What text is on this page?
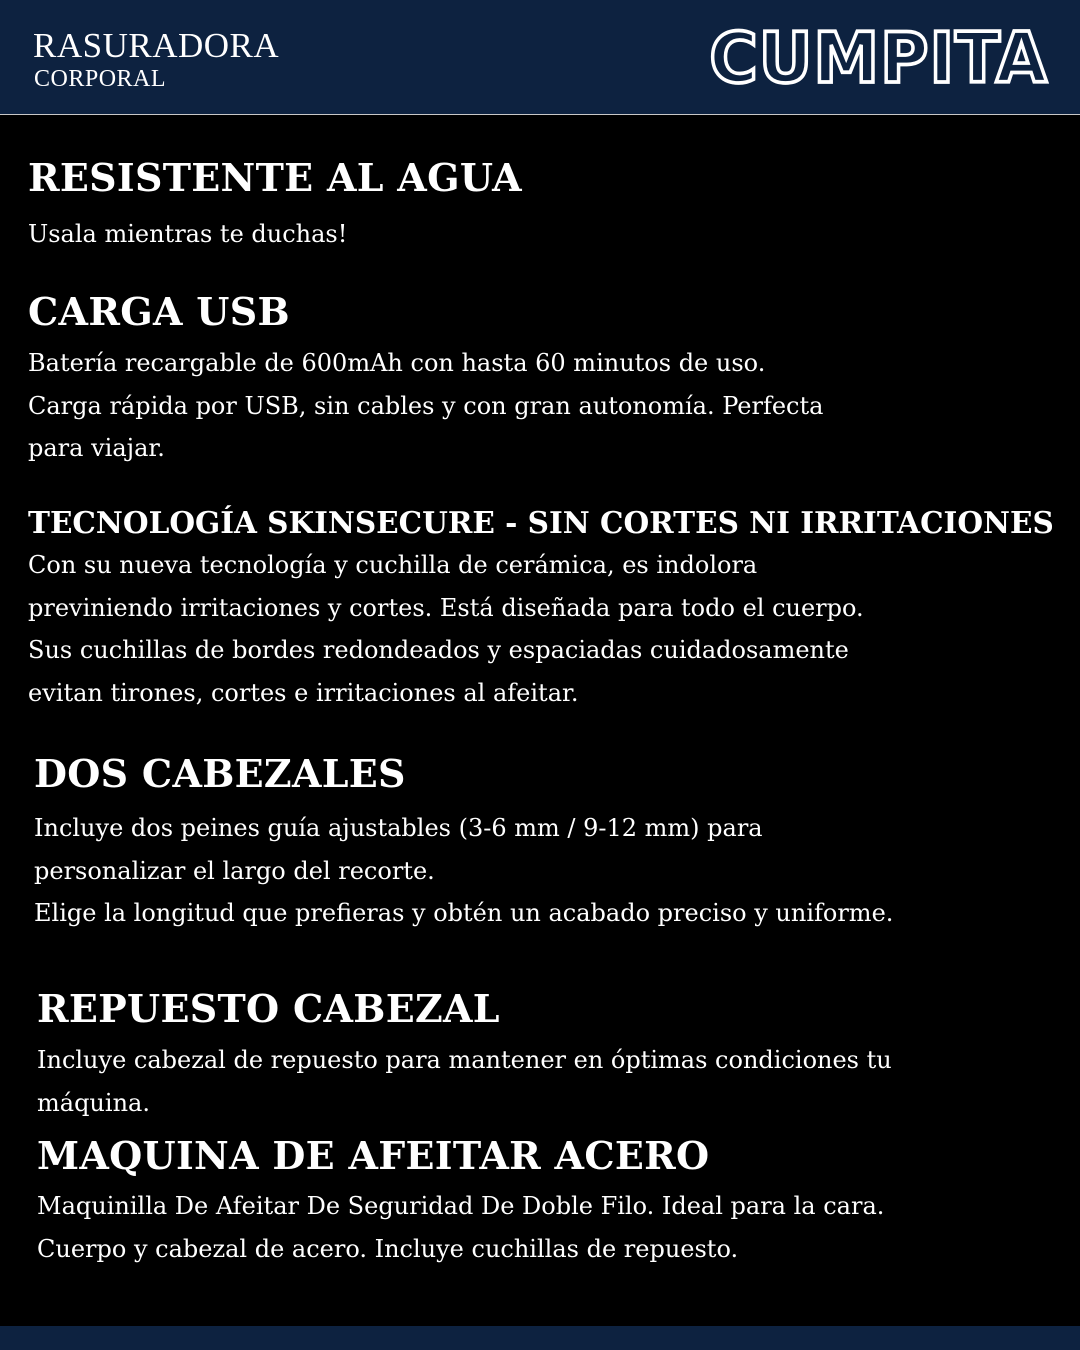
RASURADORA
CORPORAL	CUMPITA
RESISTENTE AL AGUA
Usala mientras te duchas!
CARGA USB
Batería recargable de 600mAh con hasta 60 minutos de uso.
Carga rápida por USB, sin cables y con gran autonomía. Perfecta
para viajar.
TECNOLOGÍA SKINSECURE - SIN CORTES NI IRRITACIONES
Con su nueva tecnología y cuchilla de cerámica, es indolora
previniendo irritaciones y cortes. Está diseñada para todo el cuerpo.
Sus cuchillas de bordes redondeados y espaciadas cuidadosamente
evitan tirones, cortes e irritaciones al afeitar.
DOS CABEZALES
Incluye dos peines guía ajustables (3-6 mm / 9-12 mm) para
personalizar el largo del recorte.
Elige la longitud que prefieras y obtén un acabado preciso y uniforme.
REPUESTO CABEZAL
Incluye cabezal de repuesto para mantener en óptimas condiciones tu
máquina.
MAQUINA DE AFEITAR ACERO
Maquinilla De Afeitar De Seguridad De Doble Filo. Ideal para la cara.
Cuerpo y cabezal de acero. Incluye cuchillas de repuesto.
